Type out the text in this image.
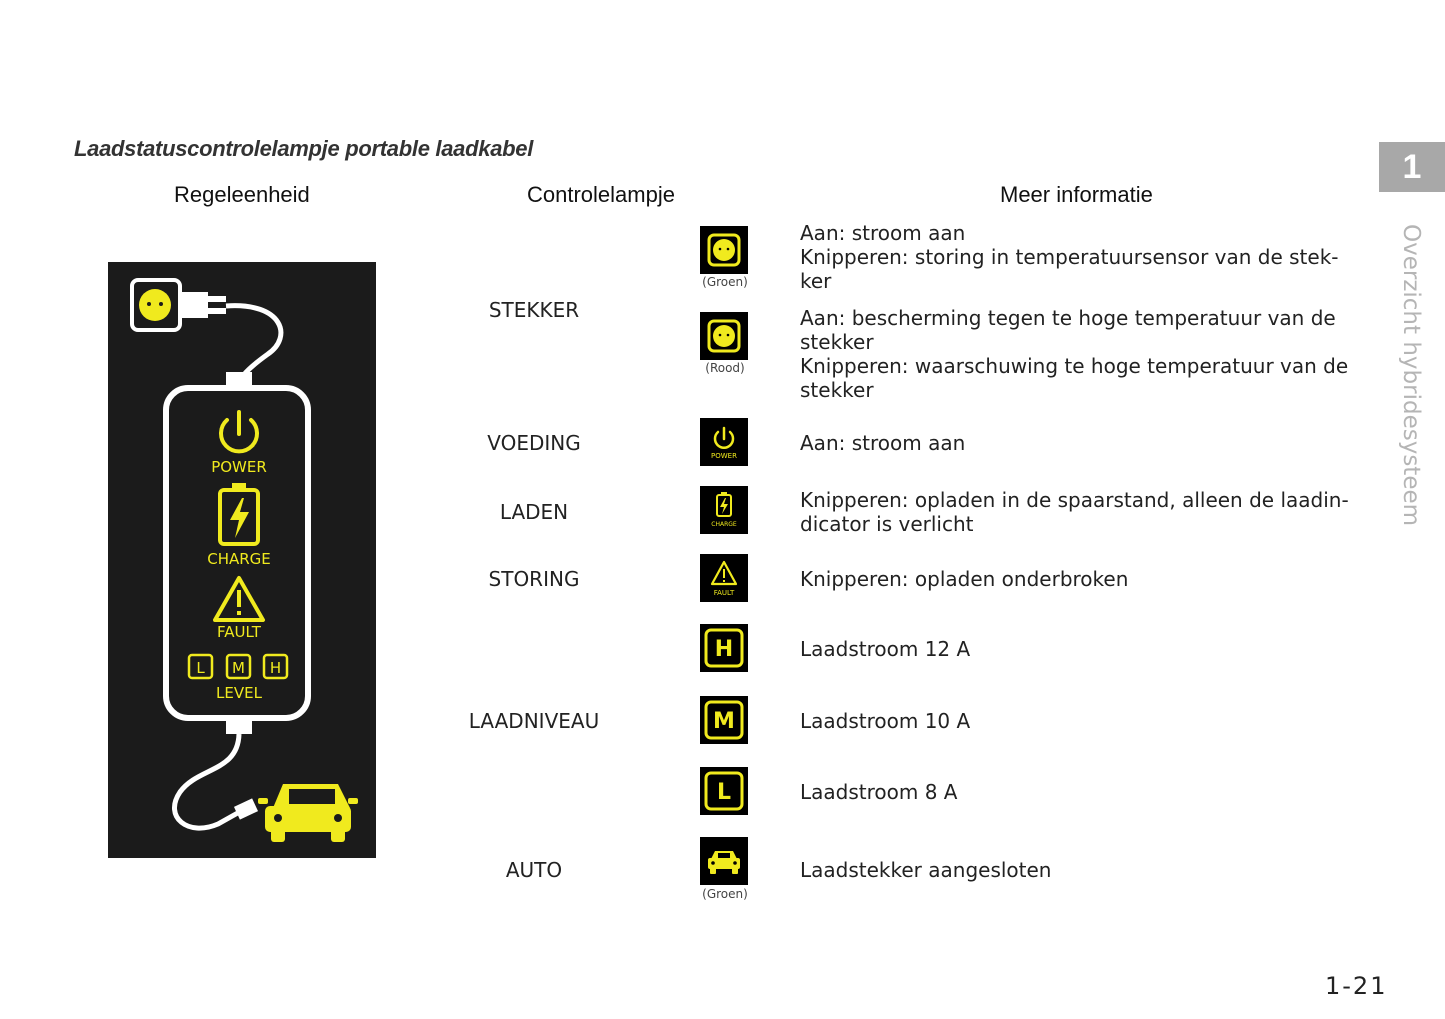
Laadstatuscontrolelampje portable laadkabel
Regeleenheid	Controlelampje	Meer informatie
POWER
CHARGE
FAULT
L M H
LEVEL
STEKKER
VOEDING
LADEN
STORING
LAADNIVEAU
AUTO
(Groen)
(Rood)
POWER
CHARGE
FAULT
H
M
L
(Groen)
Aan: stroom aan
Knipperen: storing in temperatuursensor van de stek-
ker
Aan: bescherming tegen te hoge temperatuur van de
stekker
Knipperen: waarschuwing te hoge temperatuur van de
stekker
Aan: stroom aan
Knipperen: opladen in de spaarstand, alleen de laadin-
dicator is verlicht
Knipperen: opladen onderbroken
Laadstroom 12 A
Laadstroom 10 A
Laadstroom 8 A
Laadstekker aangesloten
1
Overzicht hybridesysteem
1-21
